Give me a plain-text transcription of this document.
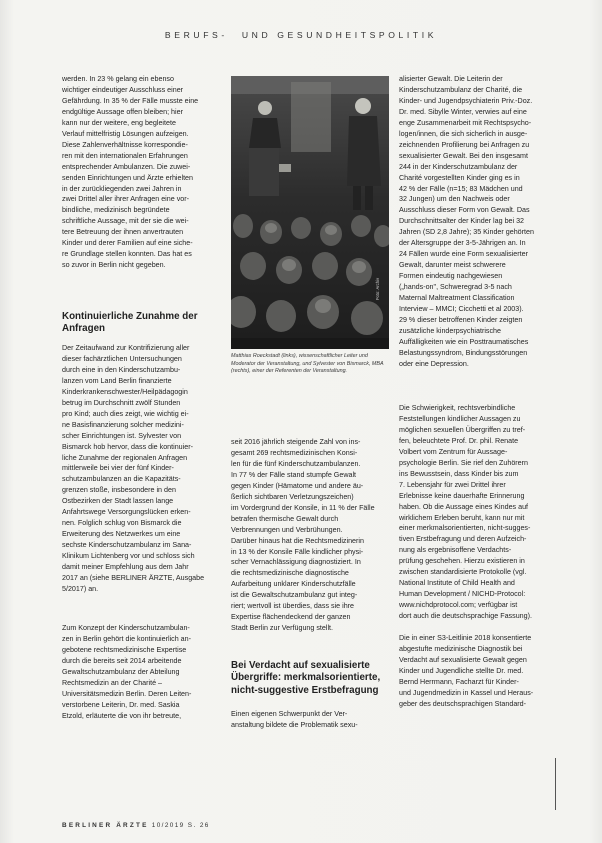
BERUFS- UND GESUNDHEITSPOLITIK

werden. In 23 % gelang ein ebenso

wichtiger eindeutiger Ausschluss einer

Gefährdung. In 35 % der Fälle musste eine

endgültige Aussage offen bleiben; hier

kann nur der weitere, eng begleitete

Verlauf mittelfristig Lösungen aufzeigen.

Diese Zahlenverhältnisse korrespondie-

ren mit den internationalen Erfahrungen

entsprechender Ambulanzen. Die zuwei-

senden Einrichtungen und Ärzte erhielten

in der zurückliegenden zwei Jahren in

zwei Drittel aller ihrer Anfragen eine vor-

bindliche, medizinisch begründete

schriftliche Aussage, mit der sie die wei-

tere Betreuung der ihnen anvertrauten

Kinder und derer Familien auf eine siche-

re Grundlage stellen konnten. Das hat es

so zuvor in Berlin nicht gegeben.

Kontinuierliche Zunahme der Anfragen

Der Zeitaufwand zur Kontrifizierung aller

dieser fachärztlichen Untersuchungen

durch eine in den Kinderschutzambu-

lanzen vom Land Berlin finanzierte

Kinderkrankenschwester/Heilpädagogin

betrug im Durchschnitt zwölf Stunden

pro Kind; auch dies zeigt, wie wichtig ei-

ne Basisfinanzierung solcher medizini-

scher Einrichtungen ist. Sylvester von

Bismarck hob hervor, dass die kontinuier-

liche Zunahme der regionalen Anfragen

mittlerweile bei vier der fünf Kinder-

schutzambulanzen an die Kapazitäts-

grenzen stoße, insbesondere in den

Ostbezirken der Stadt lassen lange

Anfahrtswege Versorgungslücken erken-

nen. Folglich schlug von Bismarck die

Erweiterung des Netzwerkes um eine

sechste Kinderschutzambulanz im Sana-

Klinikum Lichtenberg vor und schloss sich

damit meiner Empfehlung aus dem Jahr

2017 an (siehe BERLINER ÄRZTE, Ausgabe

5/2017) an.

Zum Konzept der Kinderschutzambulan-

zen in Berlin gehört die kontinuierlich an-

gebotene rechtsmedizinische Expertise

durch die bereits seit 2014 arbeitende

Gewaltschutzambulanz der Abteilung

Rechtsmedizin an der Charité –

Universitätsmedizin Berlin. Deren Leiten-

verstorbene Leiterin, Dr. med. Saskia

Etzold, erläuterte die von ihr betreute,

Foto: Archiv
Matthias Roeckstadt (links), wissenschaftlicher Leiter und Moderator der Veranstaltung, und Sylvester von Bismarck, MBA (rechts), einer der Referenten der Veranstaltung.

seit 2016 jährlich steigende Zahl von ins-

gesamt 269 rechtsmedizinischen Konsi-

len für die fünf Kinderschutzambulanzen.

In 77 % der Fälle stand stumpfe Gewalt

gegen Kinder (Hämatome und andere äu-

ßerlich sichtbaren Verletzungszeichen)

im Vordergrund der Konsile, in 11 % der Fälle

betrafen thermische Gewalt durch

Verbrennungen und Verbrühungen.

Darüber hinaus hat die Rechtsmedizinerin

in 13 % der Konsile Fälle kindlicher physi-

scher Vernachlässigung diagnostiziert. In

die rechtsmedizinische diagnostische

Aufarbeitung unklarer Kinderschutzfälle

ist die Gewaltschutzambulanz gut integ-

riert; wertvoll ist überdies, dass sie ihre

Expertise flächendeckend der ganzen

Stadt Berlin zur Verfügung stellt.

Bei Verdacht auf sexualisierte Übergriffe: merkmalsorientierte, nicht-suggestive Erstbefragung

Einen eigenen Schwerpunkt der Ver-

anstaltung bildete die Problematik sexu-

alisierter Gewalt. Die Leiterin der

Kinderschutzambulanz der Charité, die

Kinder- und Jugendpsychiaterin Priv.-Doz.

Dr. med. Sibylle Winter, verwies auf eine

enge Zusammenarbeit mit Rechtspsycho-

logen/innen, die sich sicherlich in ausge-

zeichnenden Profilierung bei Anfragen zu

sexualisierter Gewalt. Bei den insgesamt

244 in der Kinderschutzambulanz der

Charité vorgestellten Kinder ging es in

42 % der Fälle (n=15; 83 Mädchen und

32 Jungen) um den Nachweis oder

Ausschluss dieser Form von Gewalt. Das

Durchschnittsalter der Kinder lag bei 32

Jahren (SD 2,8 Jahre); 35 Kinder gehörten

der Altersgruppe der 3-5-Jährigen an. In

24 Fällen wurde eine Form sexualisierter

Gewalt, darunter meist schwerere

Formen eindeutig nachgewiesen

(„hands-on", Schweregrad 3-5 nach

Maternal Maltreatment Classification

Interview – MMCI; Cicchetti et al 2003).

29 % dieser betroffenen Kinder zeigten

zusätzliche kinderpsychiatrische

Auffälligkeiten wie ein Posttraumatisches

Belastungssyndrom, Bindungsstörungen

oder eine Depression.

Die Schwierigkeit, rechtsverbindliche

Feststellungen kindlicher Aussagen zu

möglichen sexuellen Übergriffen zu tref-

fen, beleuchtete Prof. Dr. phil. Renate

Volbert vom Zentrum für Aussage-

psychologie Berlin. Sie rief den Zuhörern

ins Bewusstsein, dass Kinder bis zum

7. Lebensjahr für zwei Drittel ihrer

Erlebnisse keine dauerhafte Erinnerung

haben. Ob die Aussage eines Kindes auf

wirklichem Erleben beruht, kann nur mit

einer merkmalsorientierten, nicht-sugges-

tiven Erstbefragung und deren Aufzeich-

nung als ergebnisoffene Verdachts-

prüfung geschehen. Hierzu existieren in

zwischen standardisierte Protokolle (vgl.

National Institute of Child Health and

Human Development / NICHD-Protocol:

www.nichdprotocol.com; verfügbar ist

dort auch die deutschsprachige Fassung).

Die in einer S3-Leitlinie 2018 konsentierte

abgestufte medizinische Diagnostik bei

Verdacht auf sexualisierte Gewalt gegen

Kinder und Jugendliche stellte Dr. med.

Bernd Herrmann, Facharzt für Kinder-

und Jugendmedizin in Kassel und Heraus-

geber des deutschsprachigen Standard-

BERLINER ÄRZTE 10/2019 S. 26
